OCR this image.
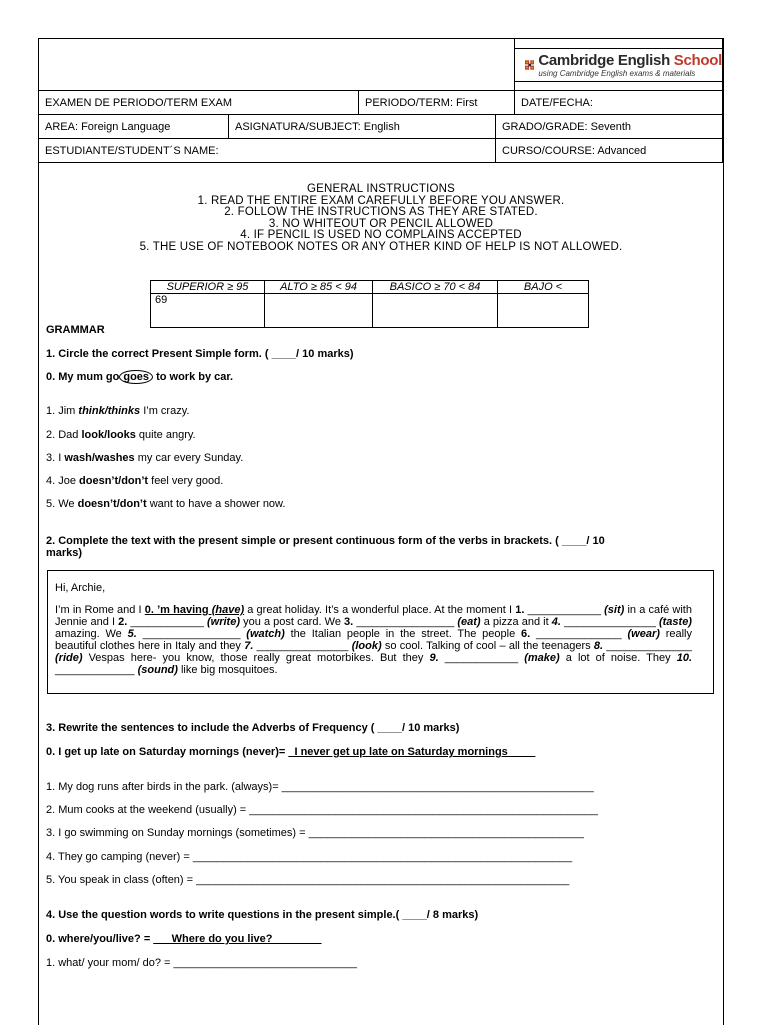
				Cambridge English School
using Cambridge English exams & materials

EXAMEN DE PERIODO/TERM EXAM		PERIODO/TERM: First		DATE/FECHA:
AREA: Foreign Language	ASIGNATURA/SUBJECT: English		GRADO/GRADE: Seventh	
ESTUDIANTE/STUDENT´S NAME:			CURSO/COURSE: Advanced	
GENERAL INSTRUCTIONS
1. READ THE ENTIRE EXAM CAREFULLY BEFORE YOU ANSWER.
2. FOLLOW THE INSTRUCTIONS AS THEY ARE STATED.
3. NO WHITEOUT OR PENCIL ALLOWED
4. IF PENCIL IS USED NO COMPLAINS ACCEPTED
5. THE USE OF NOTEBOOK NOTES OR ANY OTHER KIND OF HELP IS NOT ALLOWED.
SUPERIOR ≥ 95	ALTO ≥ 85 < 94	BASICO ≥ 70 < 84	BAJO <
69			
GRAMMAR
1. Circle the correct Present Simple form. ( ____/ 10 marks)
0. My mum go goes to work by car.
1. Jim think/thinks I’m crazy.
2. Dad look/looks quite angry.
3. I wash/washes my car every Sunday.
4. Joe doesn’t/don’t feel very good.
5. We doesn’t/don’t want to have a shower now.
2. Complete the text with the present simple or present continuous form of the verbs in brackets. ( ____/ 10
marks)

Hi, Archie,

I’m in Rome and I 0. ’m having (have) a great holiday. It’s a wonderful place. At the moment I 1. ____________ (sit) in a café with Jennie and I 2. ____________ (write) you a post card. We 3. ________________ (eat) a pizza and it 4. _______________ (taste) amazing. We 5. ________________ (watch) the Italian people in the street. The people 6. ______________ (wear) really beautiful clothes here in Italy and they 7. _______________ (look) so cool. Talking of cool – all the teenagers 8. ______________ (ride) Vespas here- you know, those really great motorbikes. But they 9. ____________ (make) a lot of noise. They 10. _____________ (sound) like big mosquitoes.

3. Rewrite the sentences to include the Adverbs of Frequency ( ____/ 10 marks)
0. I get up late on Saturday mornings (never)= _I never get up late on Saturday mornings ____
1. My dog runs after birds in the park. (always)= ___________________________________________________
2. Mum cooks at the weekend (usually) = _________________________________________________________
3. I go swimming on Sunday mornings (sometimes) = _____________________________________________
4. They go camping (never) = ______________________________________________________________
5. You speak in class (often) = _____________________________________________________________
4. Use the question words to write questions in the present simple.( ____/ 8 marks)
0. where/you/live? = ___Where do you live?________
1. what/ your mom/ do? = ______________________________
